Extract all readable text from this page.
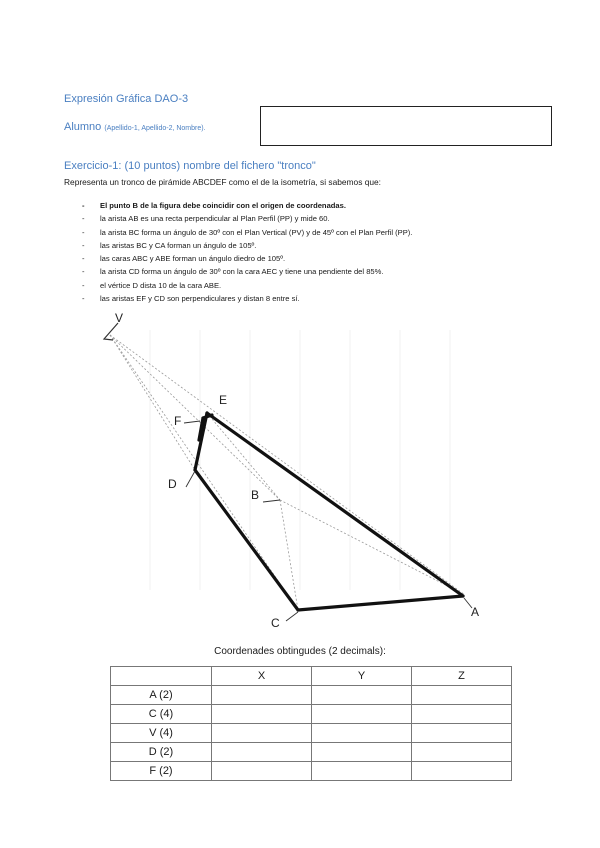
Expresión Gráfica DAO-3
Alumno (Apellido-1, Apellido-2, Nombre).
Exercicio-1: (10 puntos) nombre del fichero "tronco"
Representa un tronco de pirámide ABCDEF como el de la isometría, si sabemos que:
- El punto B de la figura debe coincidir con el origen de coordenadas.
- la arista AB es una recta perpendicular al Plan Perfil (PP) y mide 60.
- la arista BC forma un ángulo de 30º con el Plan Vertical (PV) y de 45º con el Plan Perfil (PP).
- las aristas BC y CA forman un ángulo de 105º.
- las caras ABC y ABE forman un ángulo diedro de 105º.
- la arista CD forma un ángulo de 30º con la cara AEC y tiene una pendiente del 85%.
- el vértice D dista 10 de la cara ABE.
- las aristas EF y CD son perpendiculares y distan 8 entre sí.
V
E
F
D
B
C
A
Coordenades obtingudes (2 decimals):
	X	Y	Z
A (2)			
C (4)			
V (4)			
D (2)			
F (2)			
